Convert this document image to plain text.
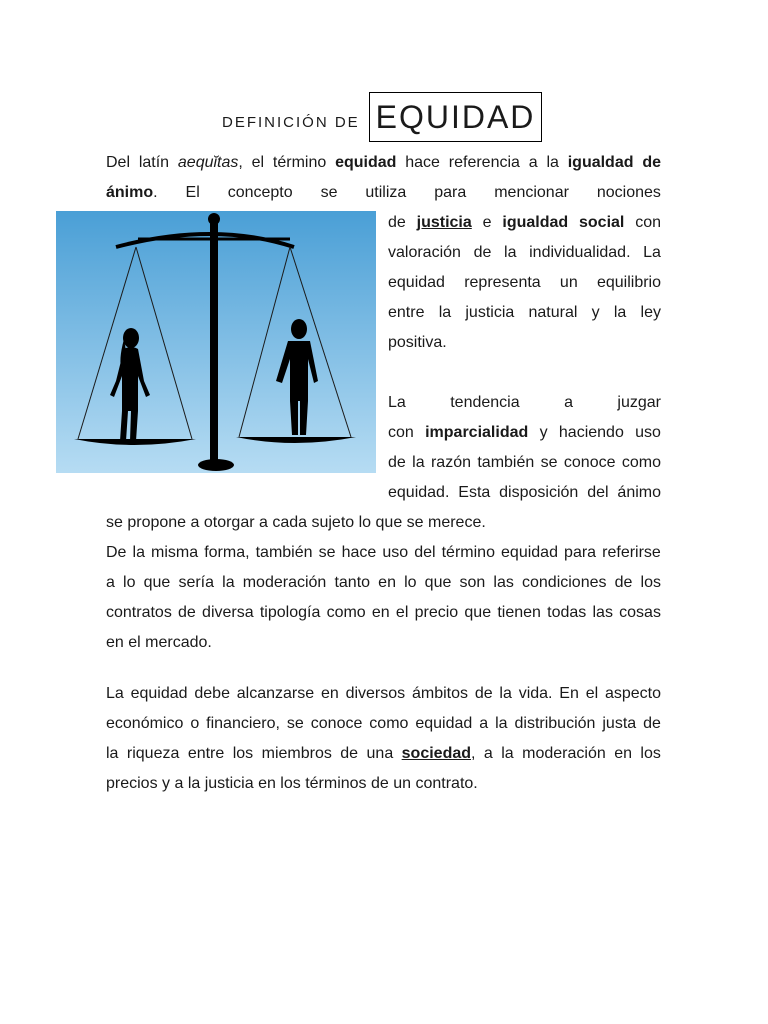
DEFINICIÓN DE EQUIDAD
Del latín aequĭtas, el término equidad hace referencia a la igualdad de
ánimo. El concepto se utiliza para mencionar nociones
de justicia e igualdad social con
valoración de la individualidad. La
equidad representa un equilibrio
entre la justicia natural y la ley
positiva.
La	tendencia	a	juzgar
con imparcialidad y haciendo uso
de la razón también se conoce como
equidad. Esta disposición del ánimo
se propone a otorgar a cada sujeto lo que se merece.
De la misma forma, también se hace uso del término equidad para referirse
a lo que sería la moderación tanto en lo que son las condiciones de los
contratos de diversa tipología como en el precio que tienen todas las cosas
en el mercado.
La equidad debe alcanzarse en diversos ámbitos de la vida. En el aspecto
económico o financiero, se conoce como equidad a la distribución justa de
la riqueza entre los miembros de una sociedad, a la moderación en los
precios y a la justicia en los términos de un contrato.
